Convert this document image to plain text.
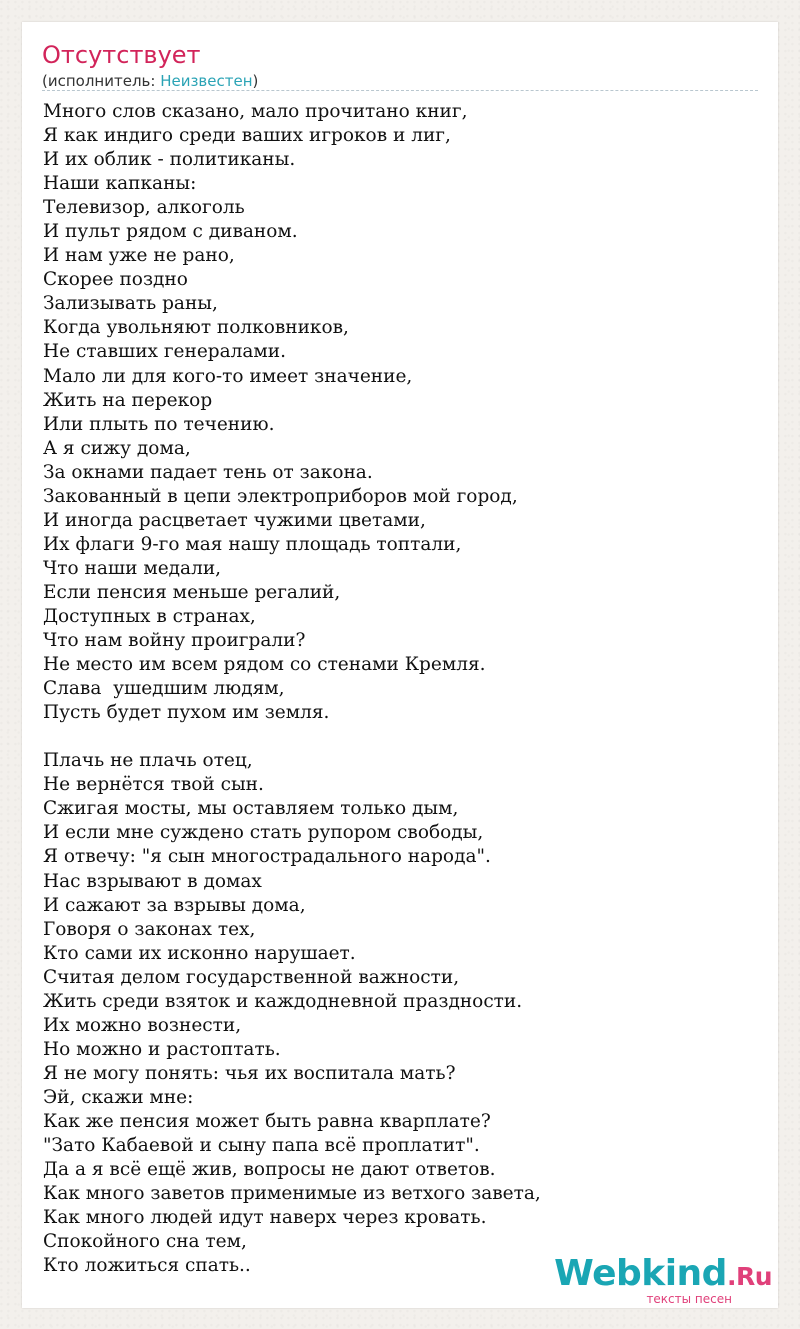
Отсутствует
(исполнитель: Неизвестен)
Много слов сказано, мало прочитано книг,
Я как индиго среди ваших игроков и лиг,
И их облик - политиканы.
Наши капканы:
Телевизор, алкоголь
И пульт рядом с диваном.
И нам уже не рано,
Скорее поздно
Зализывать раны,
Когда увольняют полковников,
Не ставших генералами.
Мало ли для кого-то имеет значение,
Жить на перекор
Или плыть по течению.
А я сижу дома,
За окнами падает тень от закона.
Закованный в цепи электроприборов мой город,
И иногда расцветает чужими цветами,
Их флаги 9-го мая нашу площадь топтали,
Что наши медали,
Если пенсия меньше регалий,
Доступных в странах,
Что нам войну проиграли?
Не место им всем рядом со стенами Кремля.
Слава  ушедшим людям,
Пусть будет пухом им земля.
Плачь не плачь отец,
Не вернётся твой сын.
Сжигая мосты, мы оставляем только дым,
И если мне суждено стать рупором свободы,
Я отвечу: "я сын многострадального народа".
Нас взрывают в домах
И сажают за взрывы дома,
Говоря о законах тех,
Кто сами их исконно нарушает.
Считая делом государственной важности,
Жить среди взяток и каждодневной праздности.
Их можно вознести,
Но можно и растоптать.
Я не могу понять: чья их воспитала мать?
Эй, скажи мне:
Как же пенсия может быть равна кварплате?
"Зато Кабаевой и сыну папа всё проплатит".
Да а я всё ещё жив, вопросы не дают ответов.
Как много заветов применимые из ветхого завета,
Как много людей идут наверх через кровать.
Спокойного сна тем,
Кто ложиться спать..	Webkind.Ru
тексты песен
